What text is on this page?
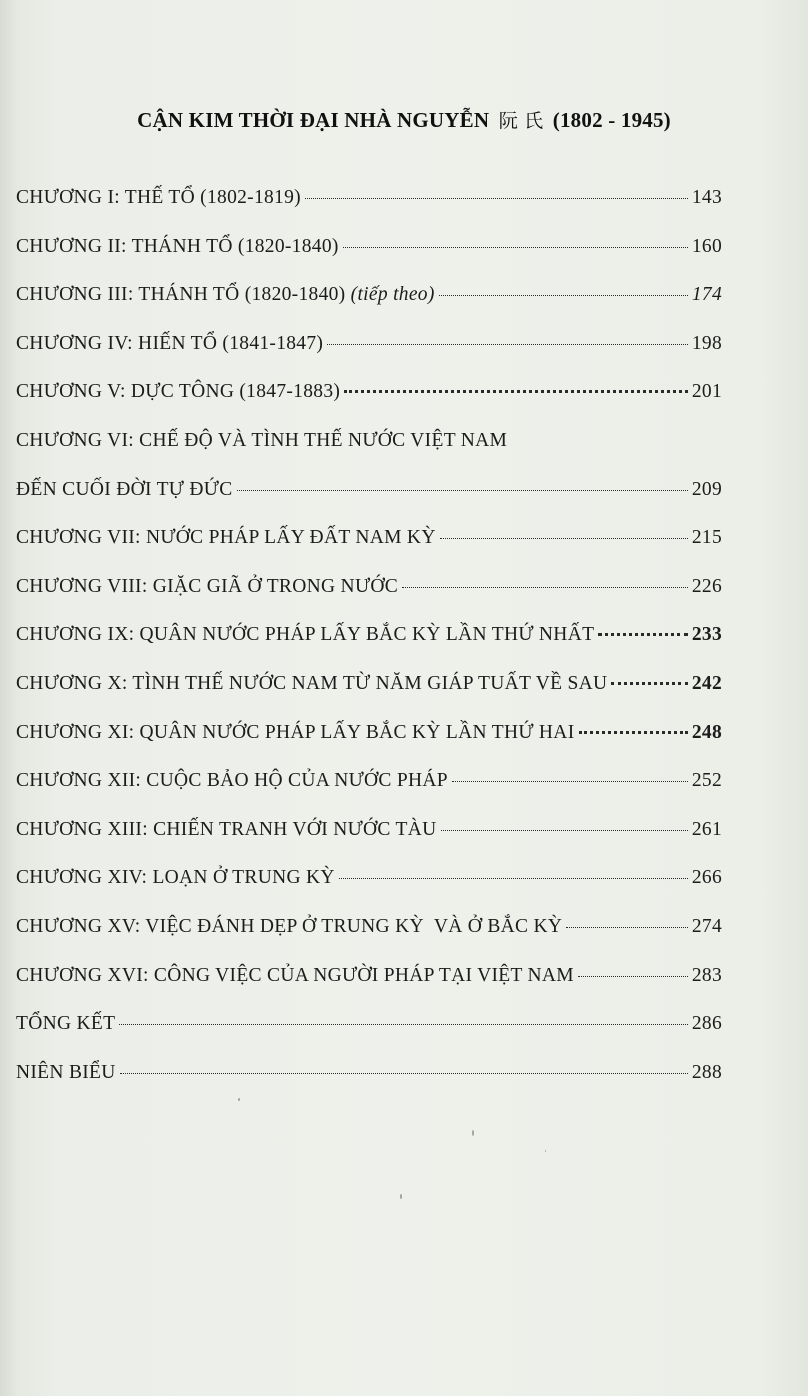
CẬN KIM THỜI ĐẠI NHÀ NGUYỄN 阮 氏 (1802 - 1945)
CHƯƠNG I: THẾ TỔ (1802-1819)	143
CHƯƠNG II: THÁNH TỔ (1820-1840)	160
CHƯƠNG III: THÁNH TỔ (1820-1840) (tiếp theo)	174
CHƯƠNG IV: HIẾN TỔ (1841-1847)	198
CHƯƠNG V: DỰC TÔNG (1847-1883)	201
CHƯƠNG VI: CHẾ ĐỘ VÀ TÌNH THẾ NƯỚC VIỆT NAM
ĐẾN CUỐI ĐỜI TỰ ĐỨC	209
CHƯƠNG VII: NƯỚC PHÁP LẤY ĐẤT NAM KỲ	215
CHƯƠNG VIII: GIẶC GIÃ Ở TRONG NƯỚC	226
CHƯƠNG IX: QUÂN NƯỚC PHÁP LẤY BẮC KỲ LẦN THỨ NHẤT	233
CHƯƠNG X: TÌNH THẾ NƯỚC NAM TỪ NĂM GIÁP TUẤT VỀ SAU	242
CHƯƠNG XI: QUÂN NƯỚC PHÁP LẤY BẮC KỲ LẦN THỨ HAI	248
CHƯƠNG XII: CUỘC BẢO HỘ CỦA NƯỚC PHÁP	252
CHƯƠNG XIII: CHIẾN TRANH VỚI NƯỚC TÀU	261
CHƯƠNG XIV: LOẠN Ở TRUNG KỲ	266
CHƯƠNG XV: VIỆC ĐÁNH DẸP Ở TRUNG KỲ  VÀ Ở BẮC KỲ	274
CHƯƠNG XVI: CÔNG VIỆC CỦA NGƯỜI PHÁP TẠI VIỆT NAM	283
TỔNG KẾT	286
NIÊN BIỂU	288
